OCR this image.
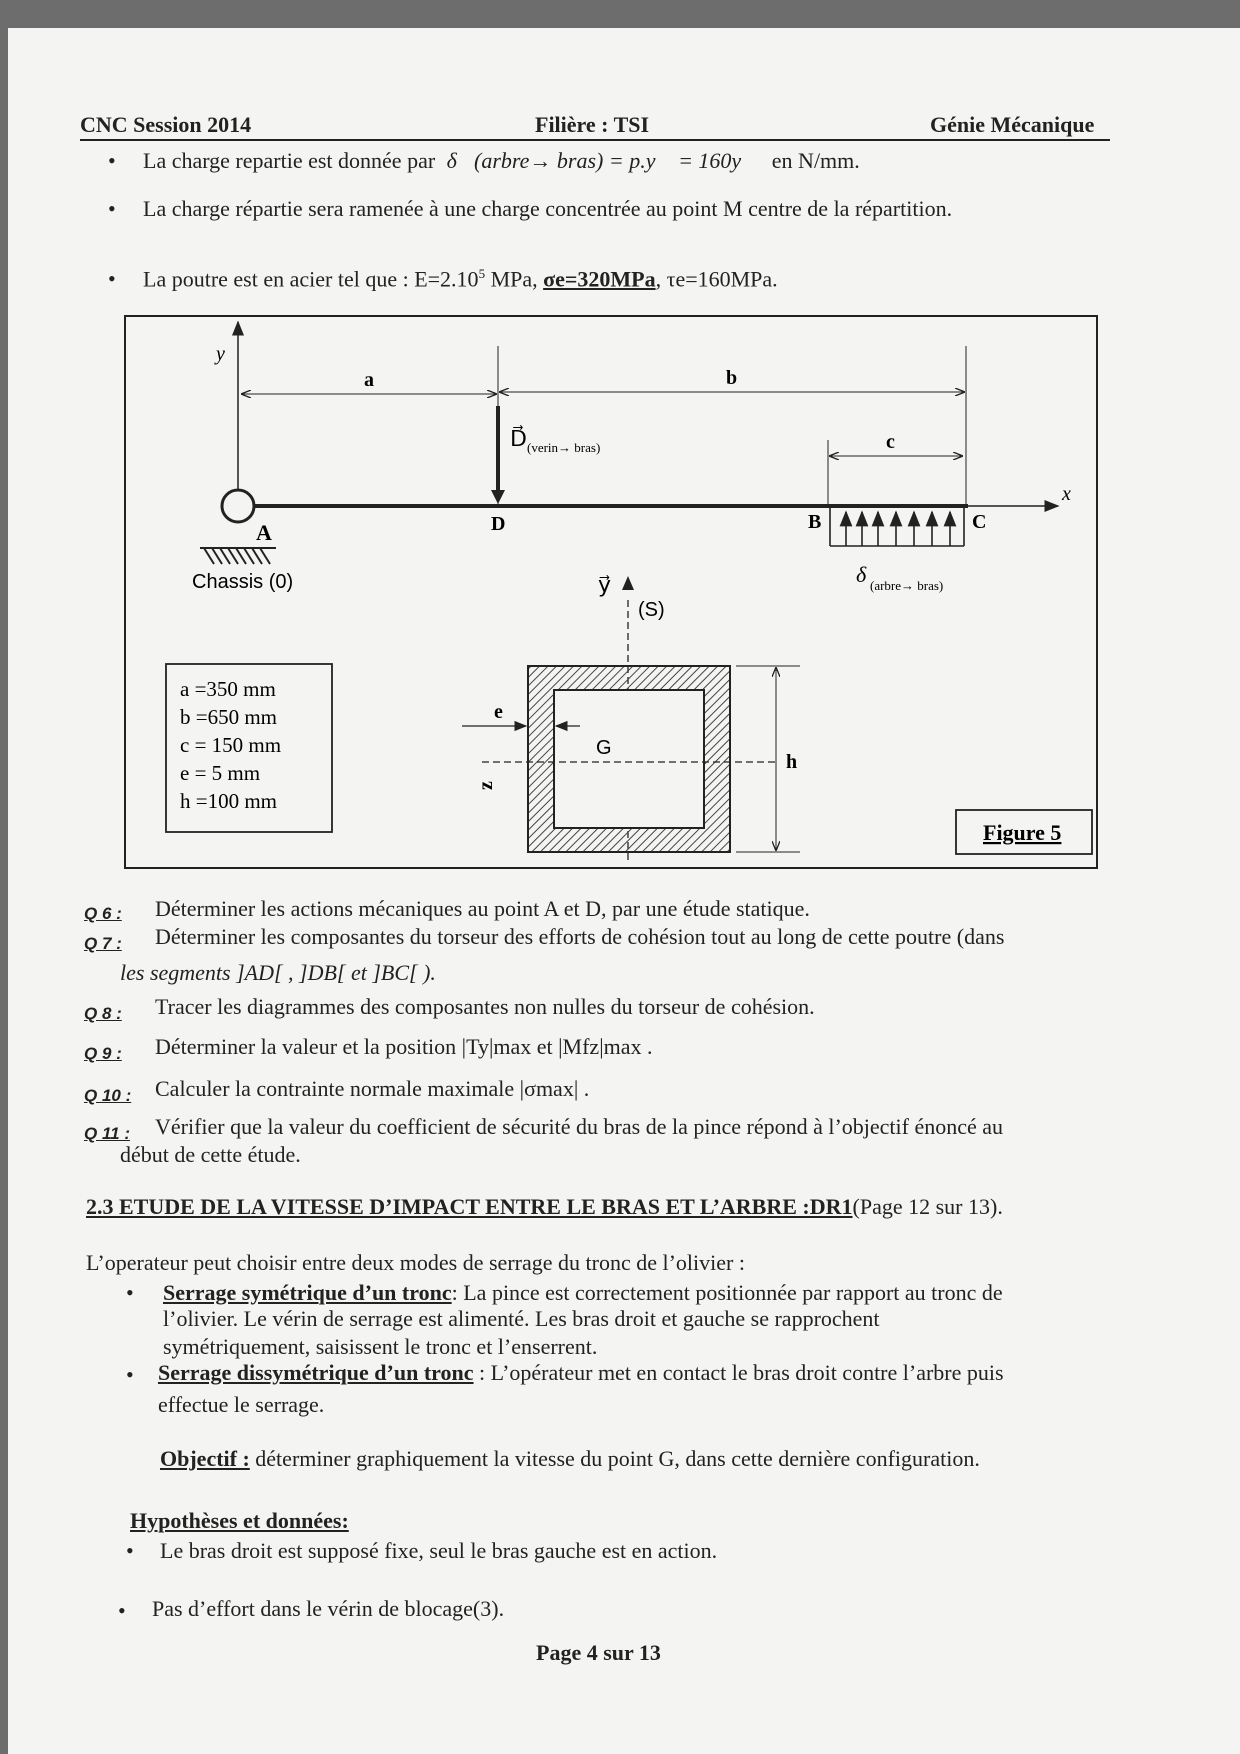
CNC Session 2014	Filière : TSI	Génie Mécanique
• La charge repartie est donnée par δ⃗(arbre→ bras) = p.y⃗ = 160y⃗ en N/mm.
• La charge répartie sera ramenée à une charge concentrée au point M centre de la répartition.
• La poutre est en acier tel que : $E=2.10^5$ MPa, σe=320MPa, τe=160MPa.
y⃗
x⃗
A
Chassis (0)
a	b
D⃗ (verin→ bras)
D
c
B	C
δ⃗
(arbre→ bras)
y⃗
(S)
z⃗
G
e
h
a =350 mm
b =650 mm
c = 150 mm
e = 5 mm
h =100 mm
Figure 5
Q 6 : Déterminer les actions mécaniques au point A et D, par une étude statique.
Q 7 : Déterminer les composantes du torseur des efforts de cohésion tout au long de cette poutre (dans
les segments ]AD[ , ]DB[ et ]BC[ ).
Q 8 : Tracer les diagrammes des composantes non nulles du torseur de cohésion.
Q 9 : Déterminer la valeur et la position |Ty|max et |Mfz|max .
Q 10 : Calculer la contrainte normale maximale |σmax| .
Q 11 : Vérifier que la valeur du coefficient de sécurité du bras de la pince répond à l’objectif énoncé au
début de cette étude.
2.3 ETUDE DE LA VITESSE D’IMPACT ENTRE LE BRAS ET L’ARBRE :DR1(Page 12 sur 13).
L’operateur peut choisir entre deux modes de serrage du tronc de l’olivier :
• Serrage symétrique d’un tronc: La pince est correctement positionnée par rapport au tronc de
l’olivier. Le vérin de serrage est alimenté. Les bras droit et gauche se rapprochent
symétriquement, saisissent le tronc et l’enserrent.
• Serrage dissymétrique d’un tronc : L’opérateur met en contact le bras droit contre l’arbre puis
effectue le serrage.
Objectif : déterminer graphiquement la vitesse du point G, dans cette dernière configuration.
Hypothèses et données:
• Le bras droit est supposé fixe, seul le bras gauche est en action.
• Pas d’effort dans le vérin de blocage(3).
Page 4 sur 13
